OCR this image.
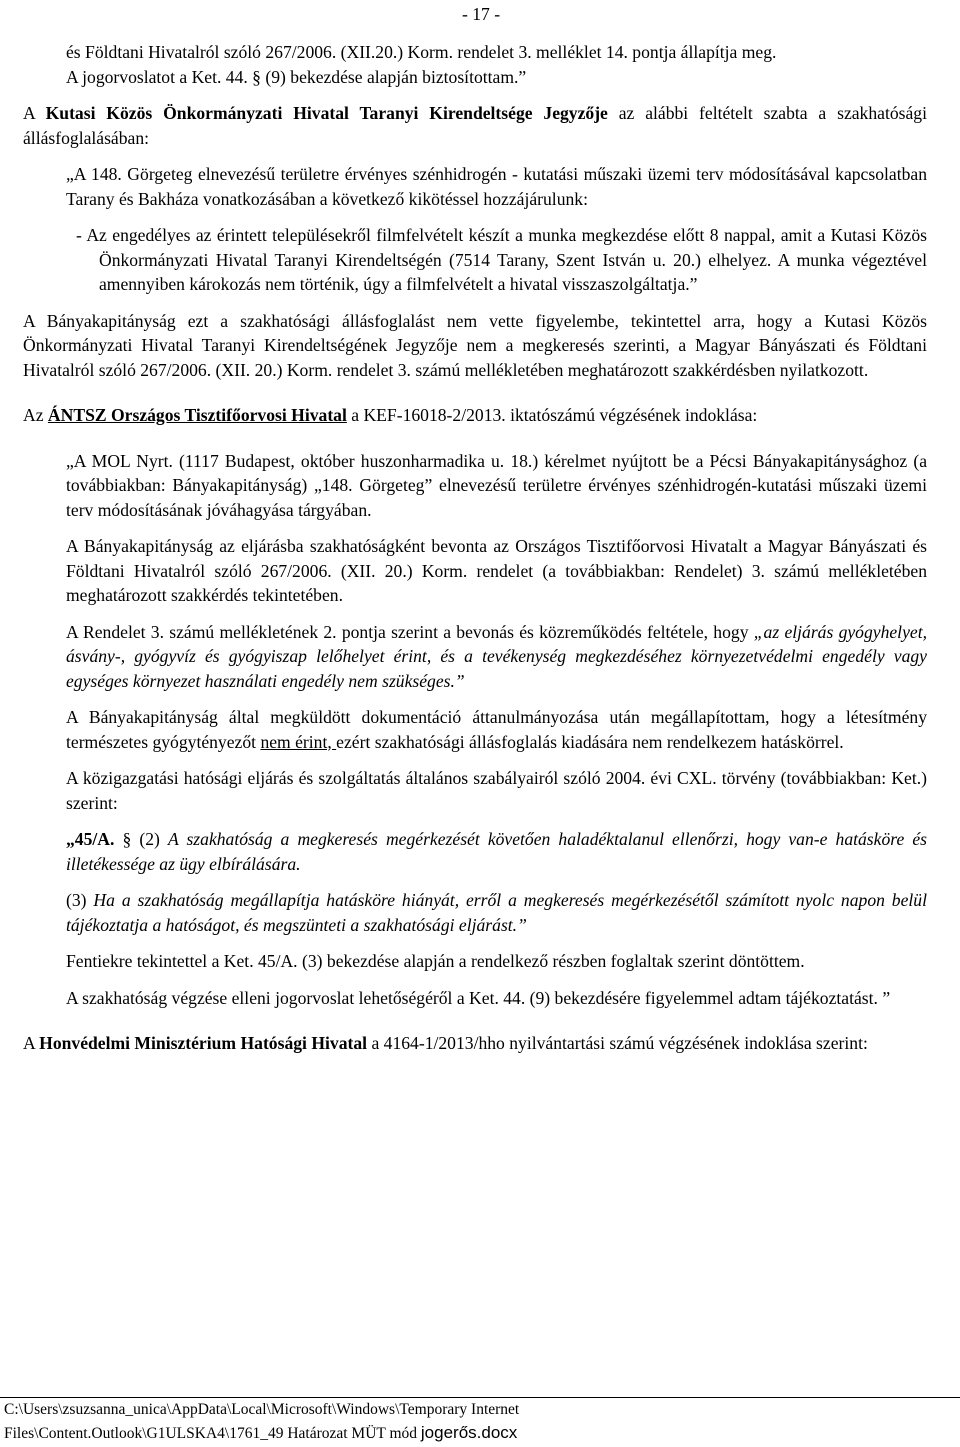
- 17 -

és Földtani Hivatalról szóló 267/2006. (XII.20.) Korm. rendelet 3. melléklet 14. pontja állapítja meg.

A jogorvoslatot a Ket. 44. § (9) bekezdése alapján biztosítottam.”

A Kutasi Közös Önkormányzati Hivatal Taranyi Kirendeltsége Jegyzője az alábbi feltételt szabta a szakhatósági állásfoglalásában:

„A 148. Görgeteg elnevezésű területre érvényes szénhidrogén - kutatási műszaki üzemi terv módosításával kapcsolatban Tarany és Bakháza vonatkozásában a következő kikötéssel hozzájárulunk:

- Az engedélyes az érintett településekről filmfelvételt készít a munka megkezdése előtt 8 nappal, amit a Kutasi Közös Önkormányzati Hivatal Taranyi Kirendeltségén (7514 Tarany, Szent István u. 20.) elhelyez. A munka végeztével amennyiben károkozás nem történik, úgy a filmfelvételt a hivatal visszaszolgáltatja.”

A Bányakapitányság ezt a szakhatósági állásfoglalást nem vette figyelembe, tekintettel arra, hogy a Kutasi Közös Önkormányzati Hivatal Taranyi Kirendeltségének Jegyzője nem a megkeresés szerinti, a Magyar Bányászati és Földtani Hivatalról szóló 267/2006. (XII. 20.) Korm. rendelet 3. számú mellékletében meghatározott szakkérdésben nyilatkozott.

Az ÁNTSZ Országos Tisztifőorvosi Hivatal a KEF-16018-2/2013. iktatószámú végzésének indoklása:

„A MOL Nyrt. (1117 Budapest, október huszonharmadika u. 18.) kérelmet nyújtott be a Pécsi Bányakapitánysághoz (a továbbiakban: Bányakapitányság) „148. Görgeteg” elnevezésű területre érvényes szénhidrogén-kutatási műszaki üzemi terv módosításának jóváhagyása tárgyában.

A Bányakapitányság az eljárásba szakhatóságként bevonta az Országos Tisztifőorvosi Hivatalt a Magyar Bányászati és Földtani Hivatalról szóló 267/2006. (XII. 20.) Korm. rendelet (a továbbiakban: Rendelet) 3. számú mellékletében meghatározott szakkérdés tekintetében.

A Rendelet 3. számú mellékletének 2. pontja szerint a bevonás és közreműködés feltétele, hogy „az eljárás gyógyhelyet, ásvány-, gyógyvíz és gyógyiszap lelőhelyet érint, és a tevékenység megkezdéséhez környezetvédelmi engedély vagy egységes környezet használati engedély nem szükséges.”

A Bányakapitányság által megküldött dokumentáció áttanulmányozása után megállapítottam, hogy a létesítmény természetes gyógytényezőt nem érint, ezért szakhatósági állásfoglalás kiadására nem rendelkezem hatáskörrel.

A közigazgatási hatósági eljárás és szolgáltatás általános szabályairól szóló 2004. évi CXL. törvény (továbbiakban: Ket.) szerint:

„45/A. § (2) A szakhatóság a megkeresés megérkezését követően haladéktalanul ellenőrzi, hogy van-e hatásköre és illetékessége az ügy elbírálására.

(3) Ha a szakhatóság megállapítja hatásköre hiányát, erről a megkeresés megérkezésétől számított nyolc napon belül tájékoztatja a hatóságot, és megszünteti a szakhatósági eljárást.”

Fentiekre tekintettel a Ket. 45/A. (3) bekezdése alapján a rendelkező részben foglaltak szerint döntöttem.

A szakhatóság végzése elleni jogorvoslat lehetőségéről a Ket. 44. (9) bekezdésére figyelemmel adtam tájékoztatást. ”

A Honvédelmi Minisztérium Hatósági Hivatal a 4164-1/2013/hho nyilvántartási számú végzésének indoklása szerint:

C:\Users\zsuzsanna_unica\AppData\Local\Microsoft\Windows\Temporary Internet
Files\Content.Outlook\G1ULSKA4\1761_49 Határozat MÜT mód jogerős.docx
